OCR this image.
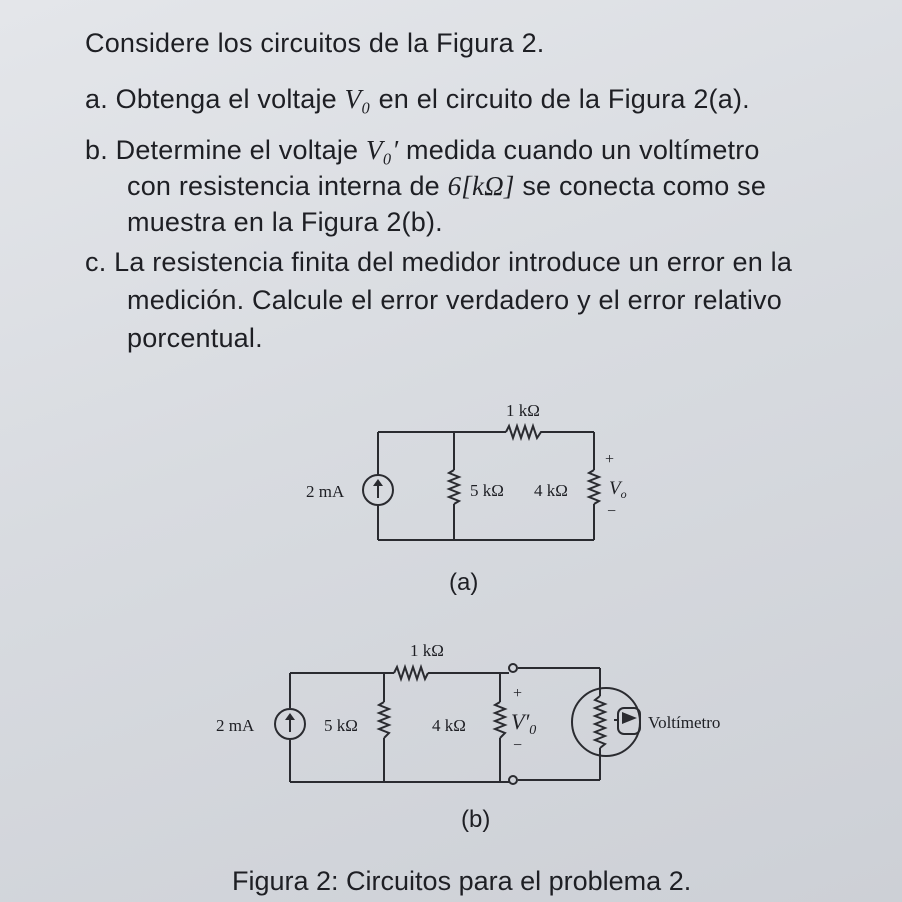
Considere los circuitos de la Figura 2.
a. Obtenga el voltaje V₀ en el circuito de la Figura 2(a).
b. Determine el voltaje V₀′ medida cuando un voltímetro
con resistencia interna de 6[kΩ] se conecta como se
muestra en la Figura 2(b).
c. La resistencia finita del medidor introduce un error en la
medición. Calcule el error verdadero y el error relativo
porcentual.
2 mA
1 kΩ
5 kΩ 4 kΩ
+
−
$V_o$
2 mA
1 kΩ
5 kΩ	4 kΩ
+
−
$V'_0$	Voltímetro
(a)
(b)
Figura 2: Circuitos para el problema 2.
